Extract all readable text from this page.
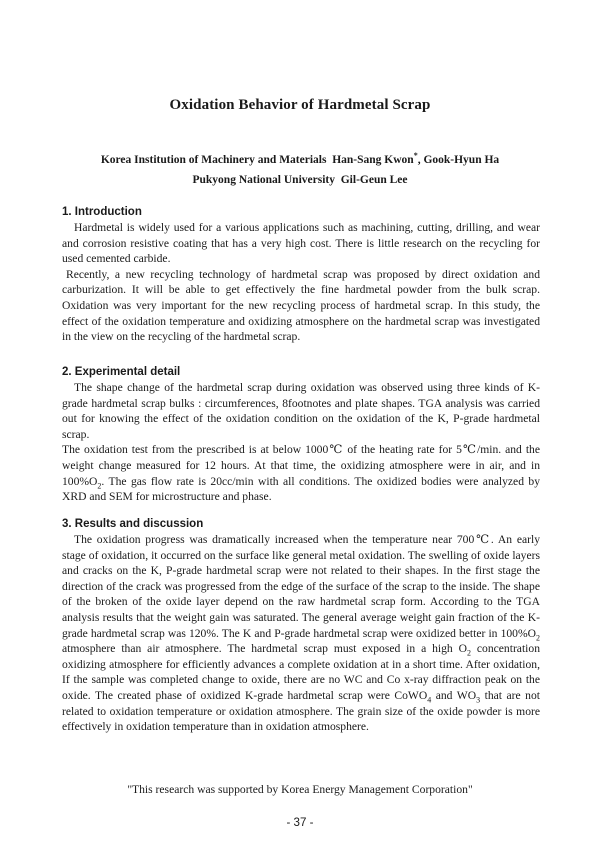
Oxidation Behavior of Hardmetal Scrap
Korea Institution of Machinery and Materials Han-Sang Kwon*, Gook-Hyun Ha
Pukyong National University Gil-Geun Lee
1. Introduction

Hardmetal is widely used for a various applications such as machining, cutting, drilling, and wear and corrosion resistive coating that has a very high cost. There is little research on the recycling for used cemented carbide.

Recently, a new recycling technology of hardmetal scrap was proposed by direct oxidation and carburization. It will be able to get effectively the fine hardmetal powder from the bulk scrap. Oxidation was very important for the new recycling process of hardmetal scrap. In this study, the effect of the oxidation temperature and oxidizing atmosphere on the hardmetal scrap was investigated in the view on the recycling of the hardmetal scrap.

2. Experimental detail

The shape change of the hardmetal scrap during oxidation was observed using three kinds of K-grade hardmetal scrap bulks : circumferences, 8footnotes and plate shapes. TGA analysis was carried out for knowing the effect of the oxidation condition on the oxidation of the K, P-grade hardmetal scrap.

The oxidation test from the prescribed is at below 1000℃ of the heating rate for 5℃/min. and the weight change measured for 12 hours. At that time, the oxidizing atmosphere were in air, and in $100\%O_2$. The gas flow rate is 20cc/min with all conditions. The oxidized bodies were analyzed by XRD and SEM for microstructure and phase.

3. Results and discussion

The oxidation progress was dramatically increased when the temperature near 700℃. An early stage of oxidation, it occurred on the surface like general metal oxidation. The swelling of oxide layers and cracks on the K, P-grade hardmetal scrap were not related to their shapes. In the first stage the direction of the crack was progressed from the edge of the surface of the scrap to the inside. The shape of the broken of the oxide layer depend on the raw hardmetal scrap form. According to the TGA analysis results that the weight gain was saturated. The general average weight gain fraction of the K-grade hardmetal scrap was 120%. The K and P-grade hardmetal scrap were oxidized better in $100\%O_2$ atmosphere than air atmosphere. The hardmetal scrap must exposed in a high $O_2$ concentration oxidizing atmosphere for efficiently advances a complete oxidation at in a short time. After oxidation, If the sample was completed change to oxide, there are no WC and Co x-ray diffraction peak on the oxide. The created phase of oxidized K-grade hardmetal scrap were CoWO$_4$ and $WO_3$ that are not related to oxidation temperature or oxidation atmosphere. The grain size of the oxide powder is more effectively in oxidation temperature than in oxidation atmosphere.

"This research was supported by Korea Energy Management Corporation"
- 37 -
